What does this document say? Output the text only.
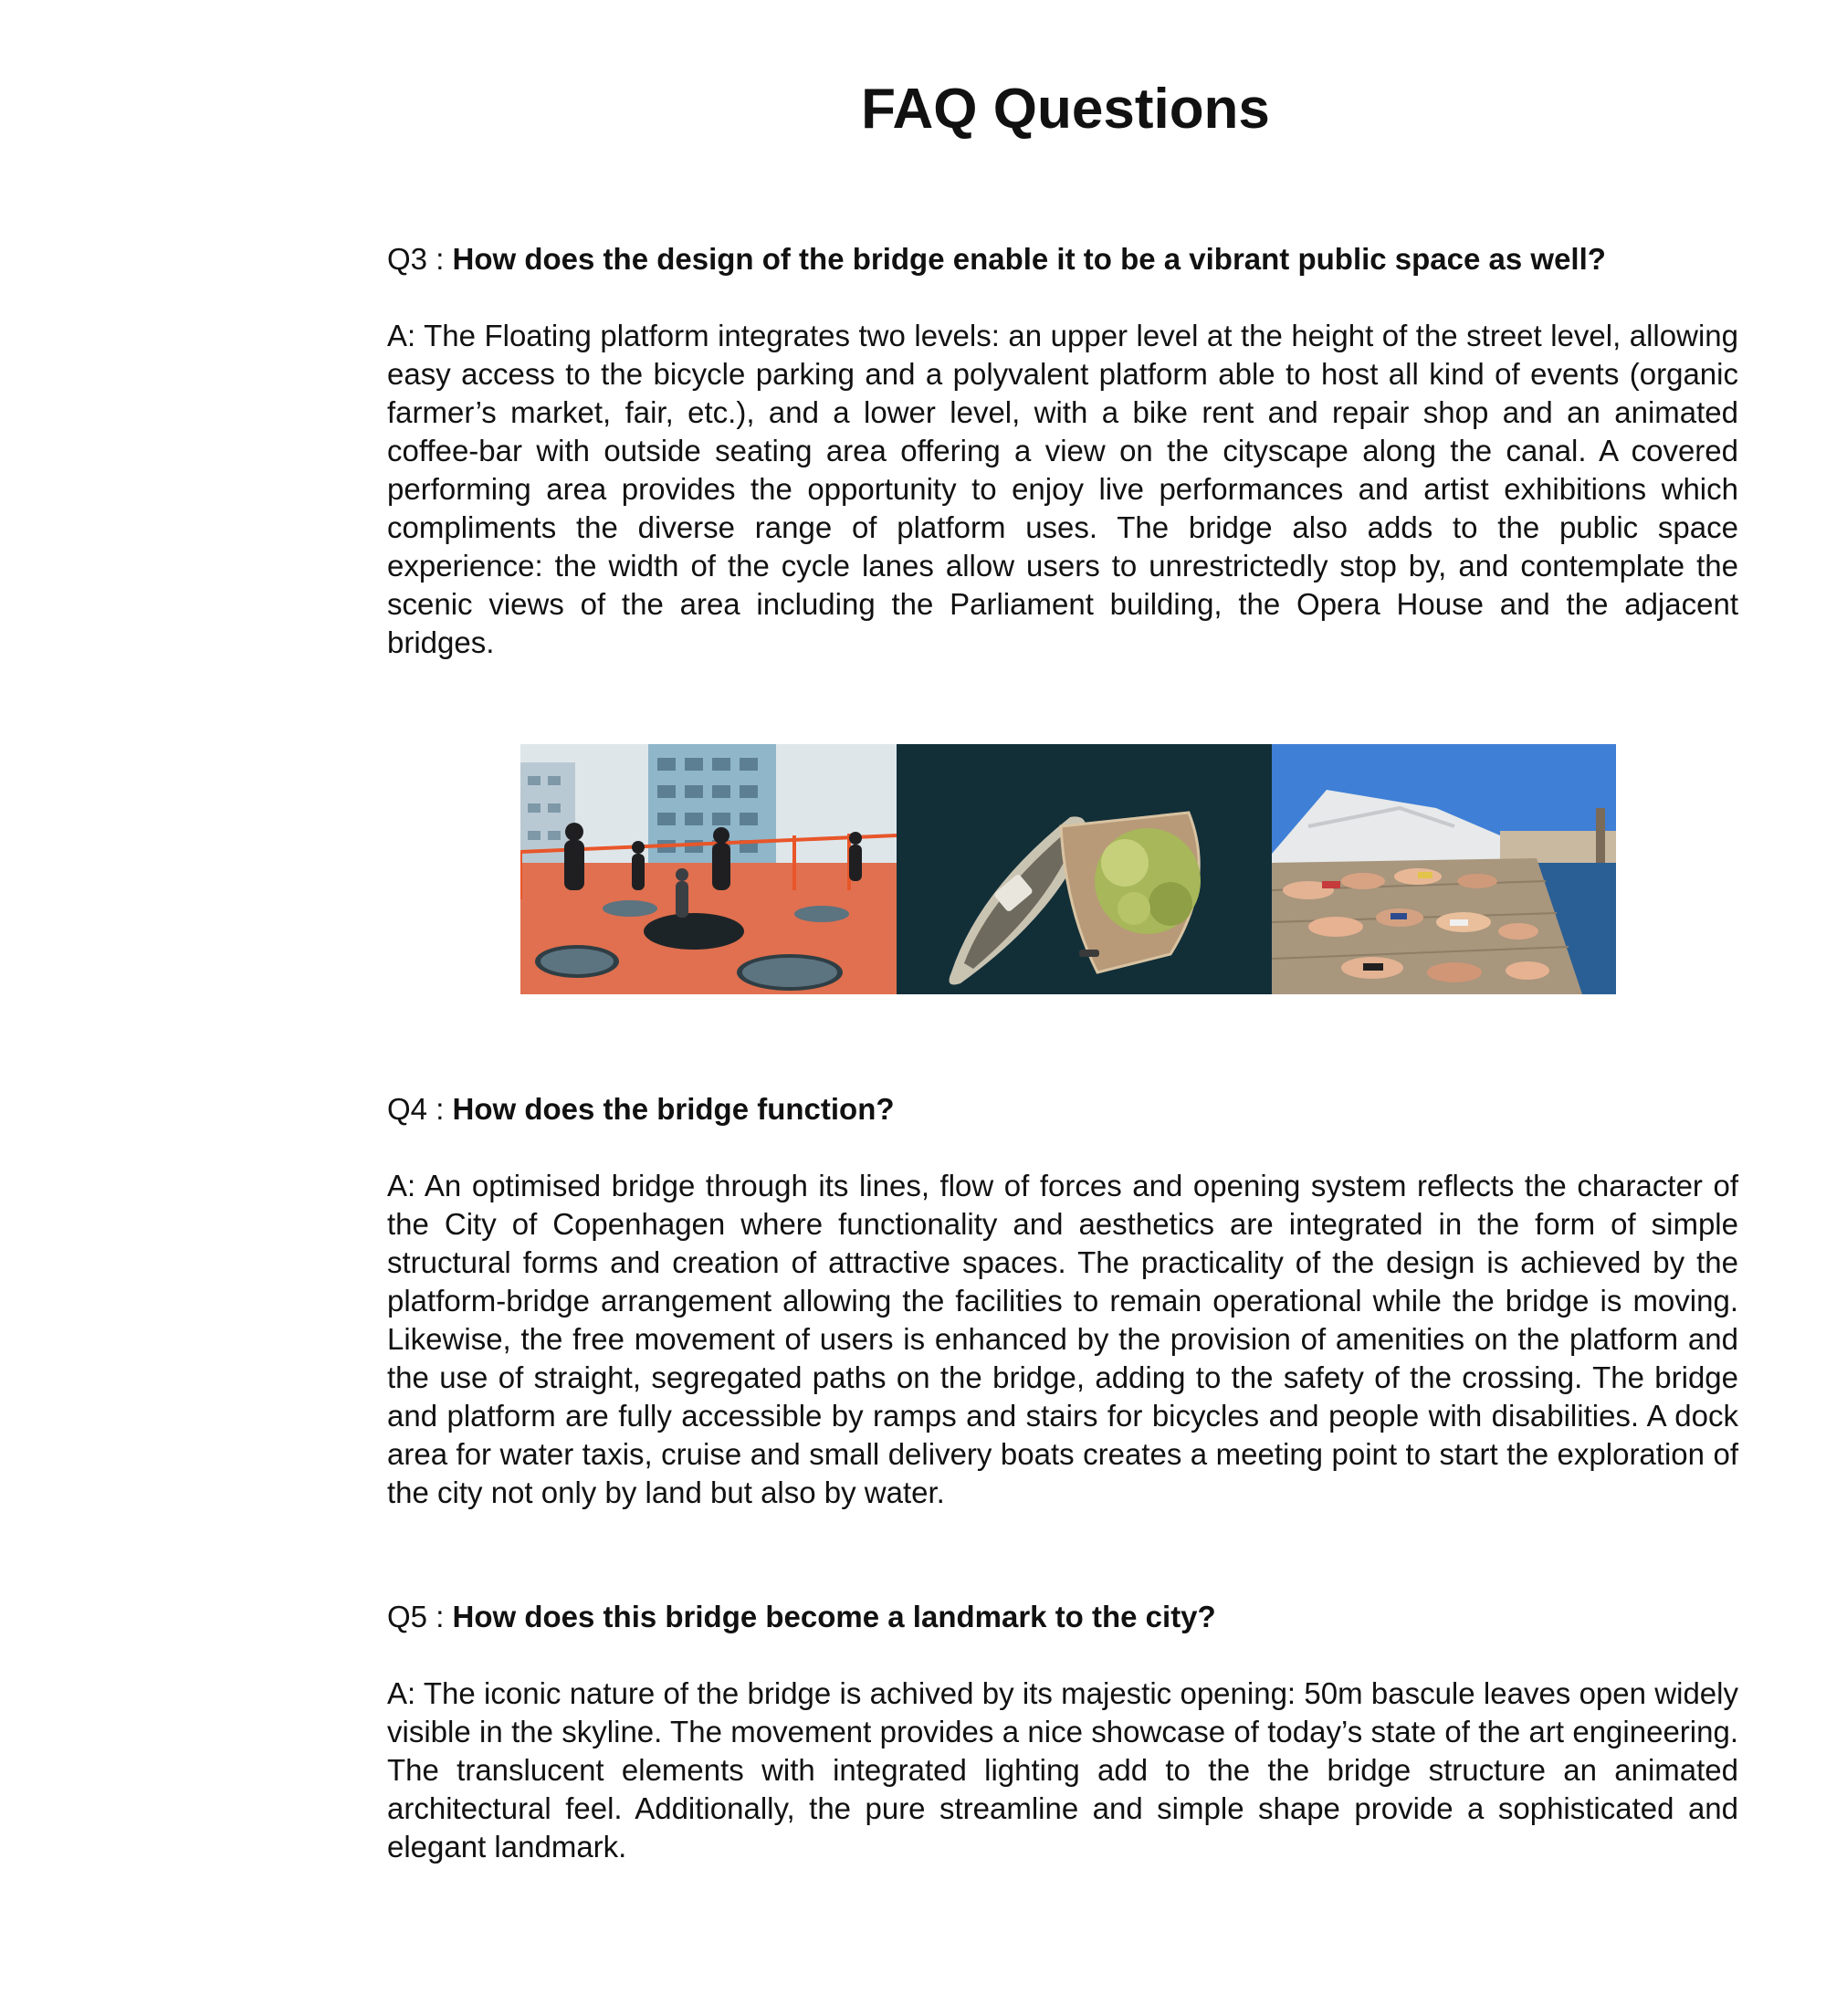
FAQ Questions

Q3 : How does the design of the bridge enable it to be a vibrant public space as well?

A: The Floating platform integrates two levels: an upper level at the height of the street level, allowing easy access to the bicycle parking and a polyvalent platform able to host all kind of events (organic farmer’s market, fair, etc.), and a lower level, with a bike rent and repair shop and an animated coffee-bar with outside seating area offering a view on the cityscape along the canal. A covered performing area provides the opportunity to enjoy live performances and artist exhibitions which compliments the diverse range of platform uses. The bridge also adds to the public space experience: the width of the cycle lanes allow users to unrestrictedly stop by, and contemplate the scenic views of the area including the Parliament building, the Opera House and the adjacent bridges.

Q4 : How does the bridge function?

A: An optimised bridge through its lines, flow of forces and opening system reflects the character of the City of Copenhagen where functionality and aesthetics are integrated in the form of simple structural forms and creation of attractive spaces. The practicality of the design is achieved by the platform-bridge arrangement allowing the facilities to remain operational while the bridge is moving. Likewise, the free movement of users is enhanced by the provision of amenities on the platform and the use of straight, segregated paths on the bridge, adding to the safety of the crossing. The bridge and platform are fully accessible by ramps and stairs for bicycles and people with disabilities. A dock area for water taxis, cruise and small delivery boats creates a meeting point to start the exploration of the city not only by land but also by water.

Q5 : How does this bridge become a landmark to the city?

A: The iconic nature of the bridge is achived by its majestic opening: 50m bascule leaves open widely visible in the skyline. The movement provides a nice showcase of today’s state of the art engineering. The translucent elements with integrated lighting add to the the bridge structure an animated architectural feel. Additionally, the pure streamline and simple shape provide a sophisticated and elegant landmark.
